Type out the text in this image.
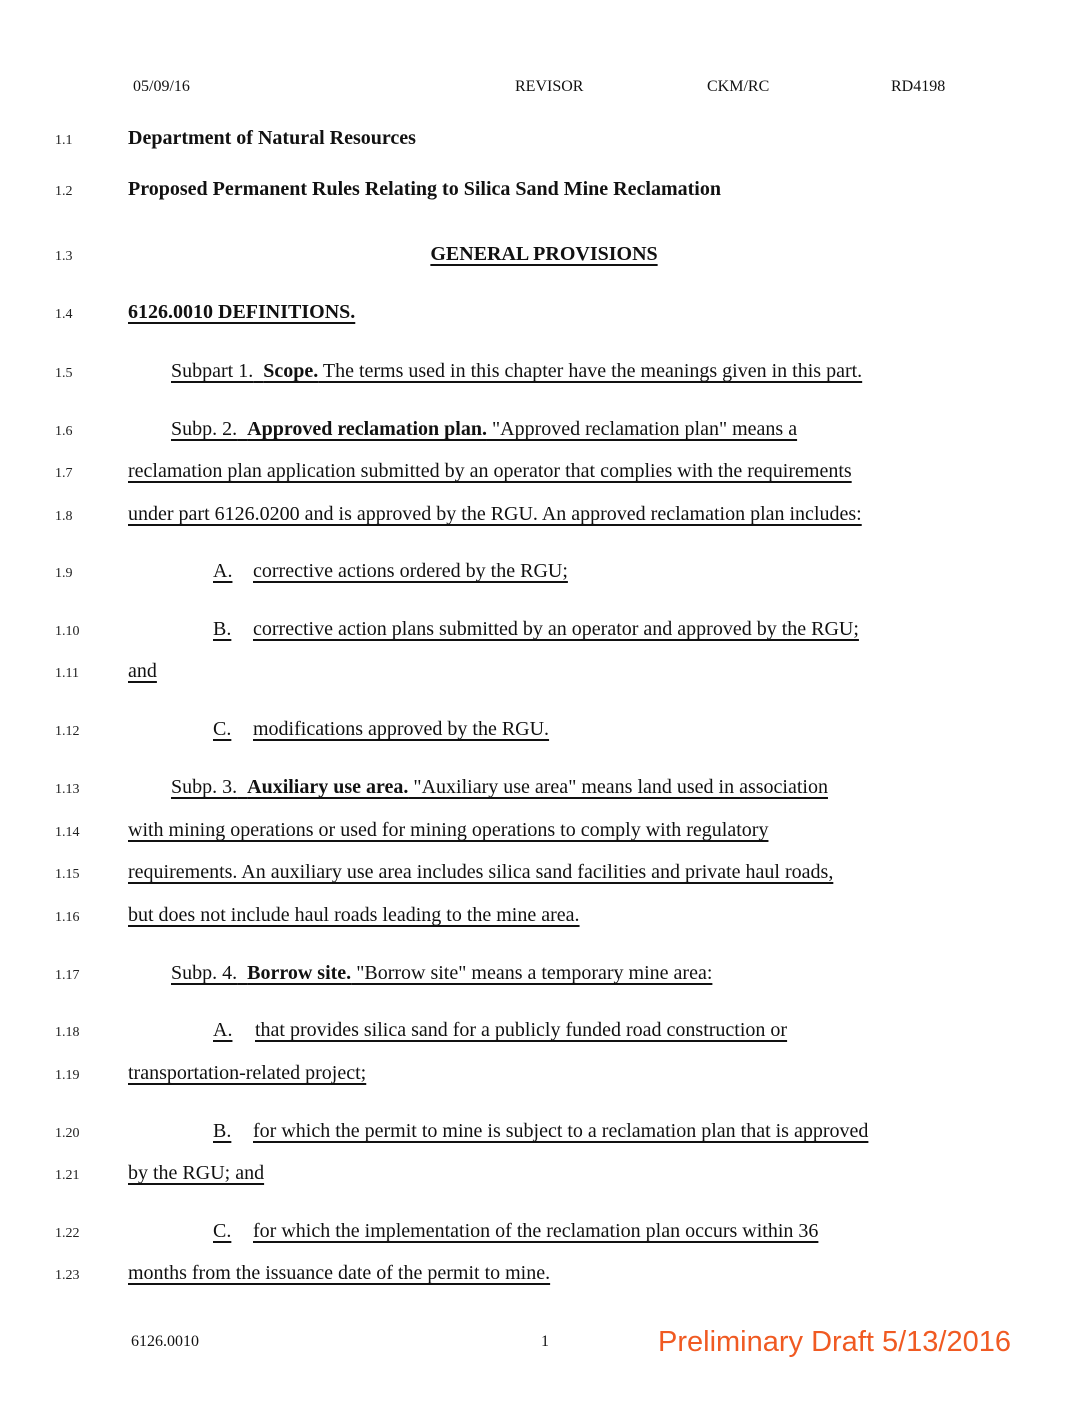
05/09/16	REVISOR	CKM/RC	RD4198
1.1	Department of Natural Resources
1.2	Proposed Permanent Rules Relating to Silica Sand Mine Reclamation
1.3	GENERAL PROVISIONS
1.4	6126.0010 DEFINITIONS.
1.5	Subpart 1. Scope. The terms used in this chapter have the meanings given in this part.
1.6	Subp. 2. Approved reclamation plan. "Approved reclamation plan" means a
1.7	reclamation plan application submitted by an operator that complies with the requirements
1.8	under part 6126.0200 and is approved by the RGU. An approved reclamation plan includes:
1.9	A. corrective actions ordered by the RGU;
1.10	B. corrective action plans submitted by an operator and approved by the RGU;
1.11 and
1.12	C. modifications approved by the RGU.
1.13	Subp. 3. Auxiliary use area. "Auxiliary use area" means land used in association
1.14 with mining operations or used for mining operations to comply with regulatory
1.15 requirements. An auxiliary use area includes silica sand facilities and private haul roads,
1.16 but does not include haul roads leading to the mine area.
1.17	Subp. 4. Borrow site. "Borrow site" means a temporary mine area:
1.18	A. that provides silica sand for a publicly funded road construction or
1.19 transportation-related project;
1.20	B. for which the permit to mine is subject to a reclamation plan that is approved
1.21 by the RGU; and
1.22	C. for which the implementation of the reclamation plan occurs within 36
1.23 months from the issuance date of the permit to mine.
6126.0010	1	Preliminary Draft 5/13/2016
